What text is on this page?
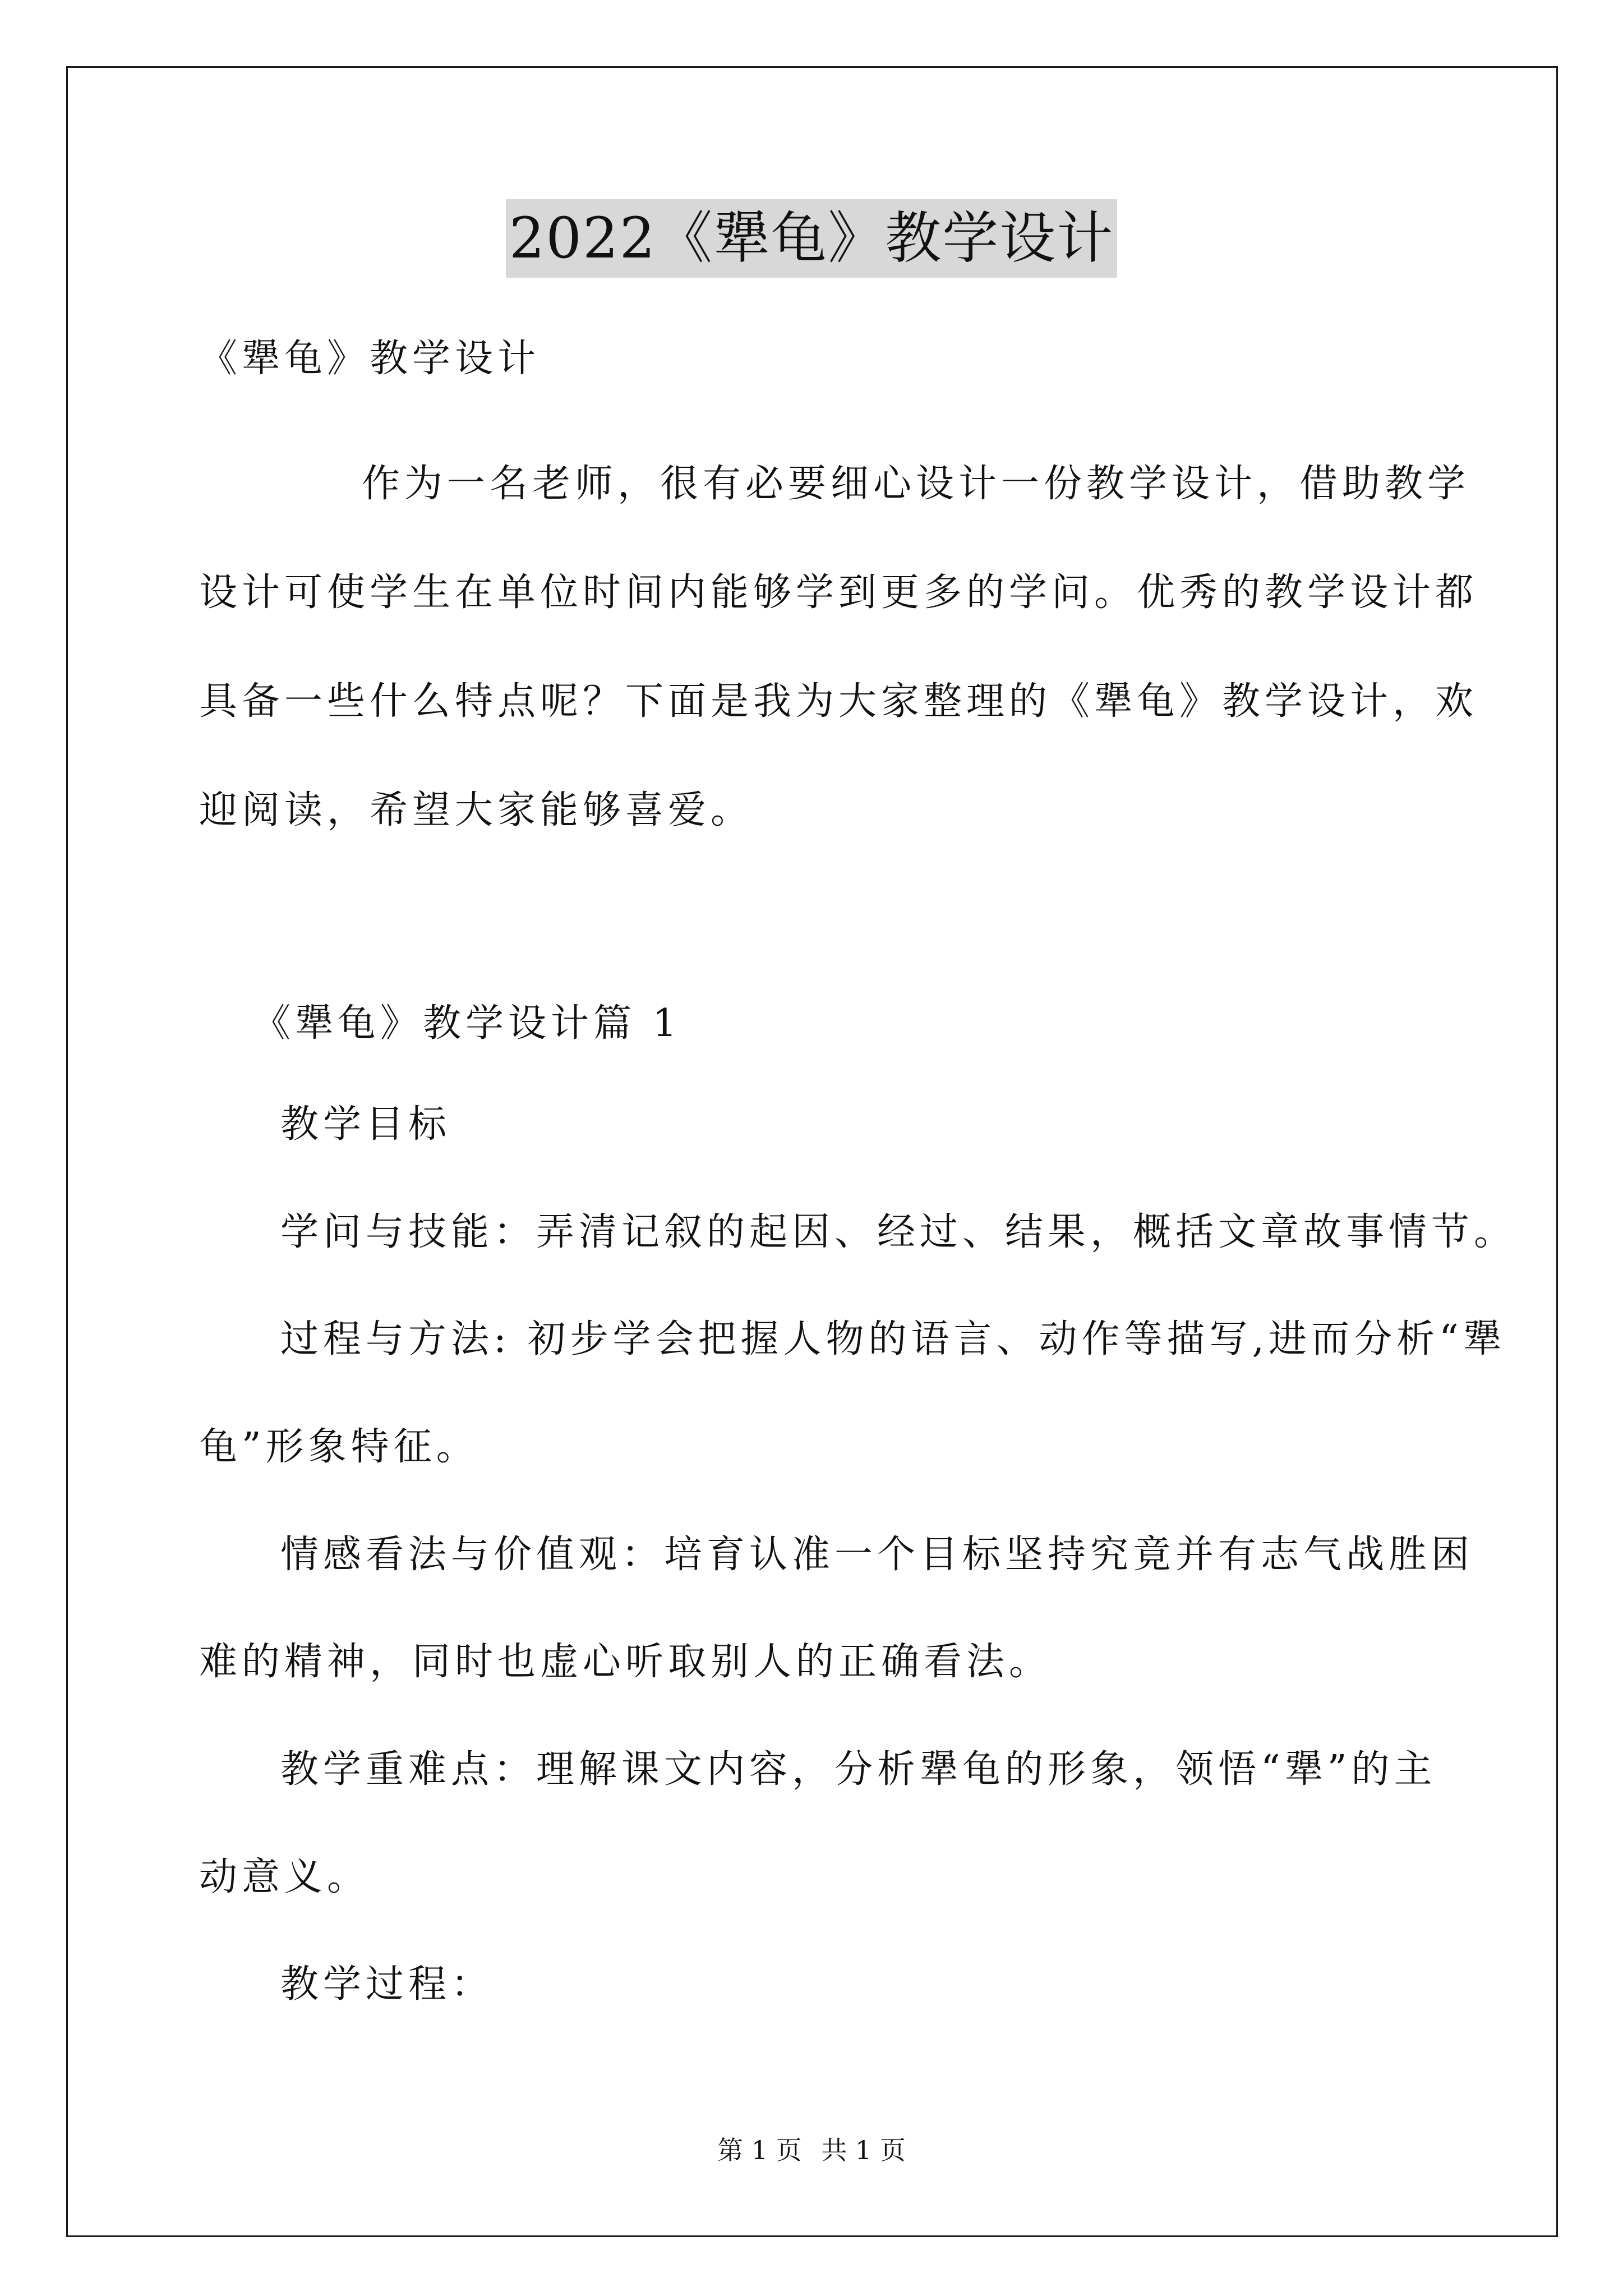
2022《犟龟》教学设计
《犟龟》教学设计
作为一名老师，很有必要细心设计一份教学设计，借助教学
设计可使学生在单位时间内能够学到更多的学问。优秀的教学设计都
具备一些什么特点呢？下面是我为大家整理的《犟龟》教学设计，欢
迎阅读，希望大家能够喜爱。
《犟龟》教学设计篇 1
教学目标
学问与技能：弄清记叙的起因、经过、结果，概括文章故事情节。
过程与方法: 初步学会把握人物的语言、动作等描写,进而分析“犟
龟”形象特征。
情感看法与价值观：培育认准一个目标坚持究竟并有志气战胜困
难的精神，同时也虚心听取别人的正确看法。
教学重难点：理解课文内容，分析犟龟的形象，领悟“犟”的主
动意义。
教学过程：
第 1 页 共 1 页
